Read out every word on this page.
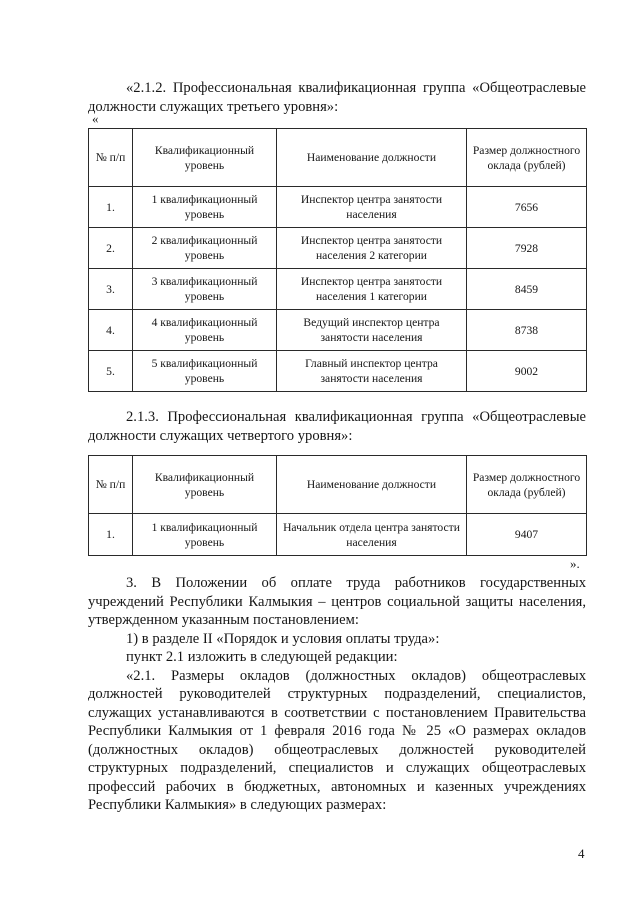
«2.1.2. Профессиональная квалификационная группа «Общеотраслевые должности служащих третьего уровня»:

«
№ п/п	Квалификационный уровень	Наименование должности	Размер должностного оклада (рублей)
1.	1 квалификационный уровень	Инспектор центра занятости населения	7656
2.	2 квалификационный уровень	Инспектор центра занятости населения 2 категории	7928
3.	3 квалификационный уровень	Инспектор центра занятости населения 1 категории	8459
4.	4 квалификационный уровень	Ведущий инспектор центра занятости населения	8738
5.	5 квалификационный уровень	Главный инспектор центра занятости населения	9002

2.1.3. Профессиональная квалификационная группа «Общеотраслевые должности служащих четвертого уровня»:

№ п/п	Квалификационный уровень	Наименование должности	Размер должностного оклада (рублей)
1.	1 квалификационный уровень	Начальник отдела центра занятости населения	9407
».

3. В Положении об оплате труда работников государственных учреждений Республики Калмыкия – центров социальной защиты населения, утвержденном указанным постановлением:

1) в разделе II «Порядок и условия оплаты труда»:

пункт 2.1 изложить в следующей редакции:

«2.1. Размеры окладов (должностных окладов) общеотраслевых должностей руководителей структурных подразделений, специалистов, служащих устанавливаются в соответствии с постановлением Правительства Республики Калмыкия от 1 февраля 2016 года № 25 «О размерах окладов (должностных окладов) общеотраслевых должностей руководителей структурных подразделений, специалистов и служащих общеотраслевых профессий рабочих в бюджетных, автономных и казенных учреждениях Республики Калмыкия» в следующих размерах:

4
